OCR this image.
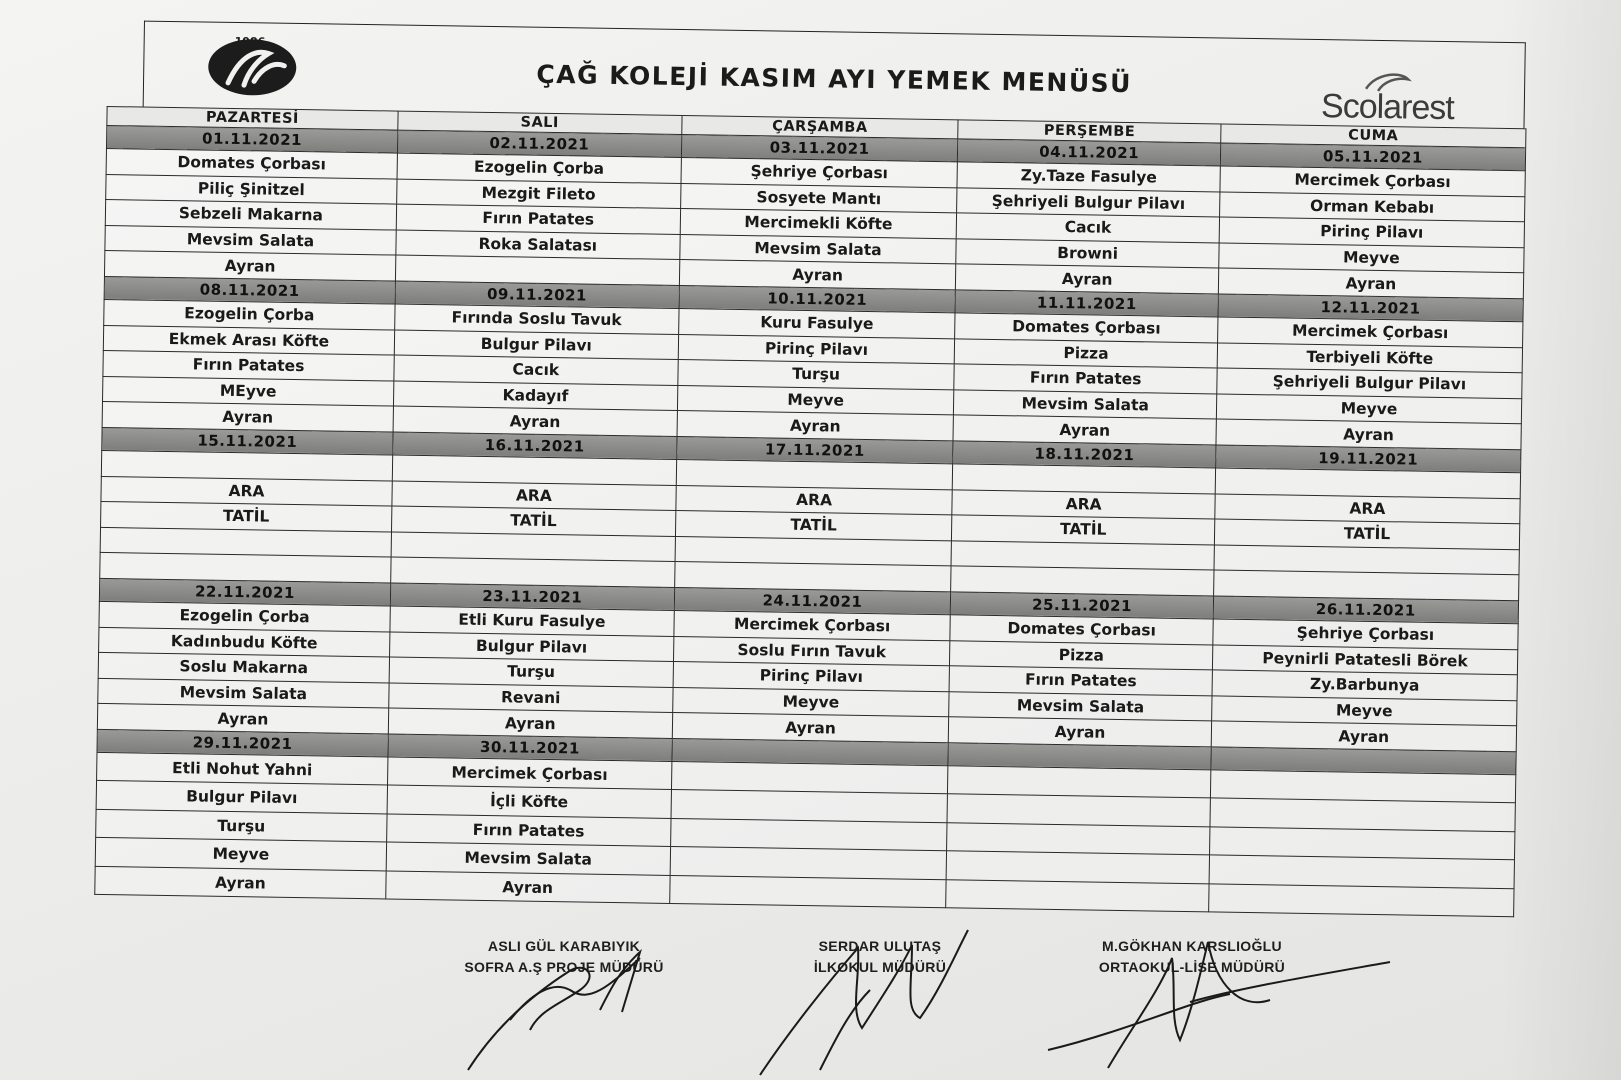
1986
ÇAĞ KOLEJİ KASIM AYI YEMEK MENÜSÜ
Scolarest
PAZARTESİ	SALI	ÇARŞAMBA	PERŞEMBE	CUMA
01.11.2021	02.11.2021	03.11.2021	04.11.2021	05.11.2021
Domates Çorbası	Ezogelin Çorba	Şehriye Çorbası	Zy.Taze Fasulye	Mercimek Çorbası
Piliç Şinitzel	Mezgit Fileto	Sosyete Mantı	Şehriyeli Bulgur Pilavı	Orman Kebabı
Sebzeli Makarna	Fırın Patates	Mercimekli Köfte	Cacık	Pirinç Pilavı
Mevsim Salata	Roka Salatası	Mevsim Salata	Browni	Meyve
Ayran		Ayran	Ayran	Ayran
08.11.2021	09.11.2021	10.11.2021	11.11.2021	12.11.2021
Ezogelin Çorba	Fırında Soslu Tavuk	Kuru Fasulye	Domates Çorbası	Mercimek Çorbası
Ekmek Arası Köfte	Bulgur Pilavı	Pirinç Pilavı	Pizza	Terbiyeli Köfte
Fırın Patates	Cacık	Turşu	Fırın Patates	Şehriyeli Bulgur Pilavı
MEyve	Kadayıf	Meyve	Mevsim Salata	Meyve
Ayran	Ayran	Ayran	Ayran	Ayran
15.11.2021	16.11.2021	17.11.2021	18.11.2021	19.11.2021

ARA	ARA	ARA	ARA	ARA
TATİL	TATİL	TATİL	TATİL	TATİL

22.11.2021	23.11.2021	24.11.2021	25.11.2021	26.11.2021
Ezogelin Çorba	Etli Kuru Fasulye	Mercimek Çorbası	Domates Çorbası	Şehriye Çorbası
Kadınbudu Köfte	Bulgur Pilavı	Soslu Fırın Tavuk	Pizza	Peynirli Patatesli Börek
Soslu Makarna	Turşu	Pirinç Pilavı	Fırın Patates	Zy.Barbunya
Mevsim Salata	Revani	Meyve	Mevsim Salata	Meyve
Ayran	Ayran	Ayran	Ayran	Ayran
29.11.2021	30.11.2021			
Etli Nohut Yahni	Mercimek Çorbası			
Bulgur Pilavı	İçli Köfte			
Turşu	Fırın Patates			
Meyve	Mevsim Salata			
Ayran	Ayran			
ASLI GÜL KARABIYIK
SOFRA A.Ş PROJE MÜDÜRÜ
SERDAR ULUTAŞ
İLKOKUL MÜDÜRÜ
M.GÖKHAN KARSLIOĞLU
ORTAOKUL-LİSE MÜDÜRÜ
